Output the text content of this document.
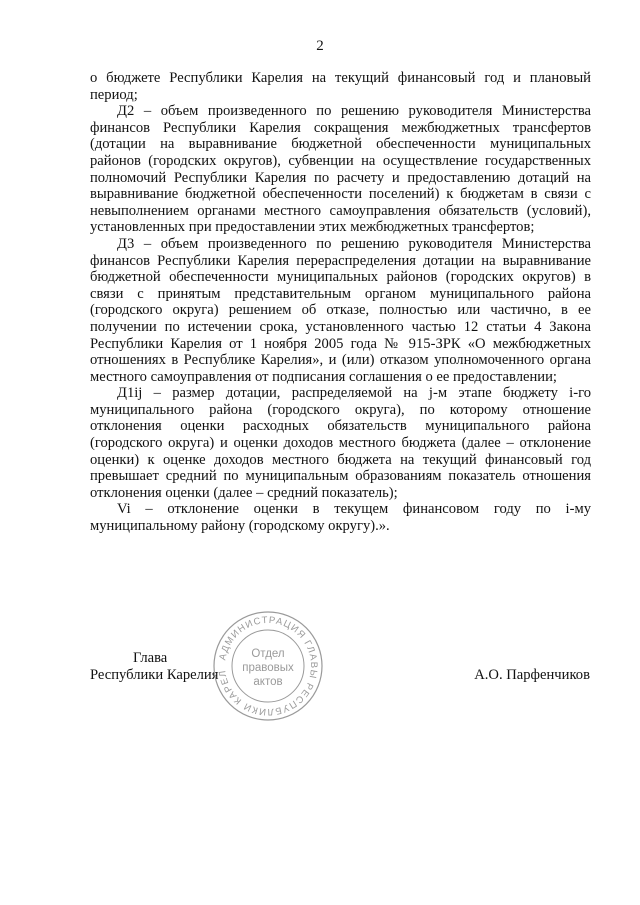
2

о бюджете Республики Карелия на текущий финансовый год и плановый период;

Д2 – объем произведенного по решению руководителя Министерства финансов Республики Карелия сокращения межбюджетных трансфертов (дотации на выравнивание бюджетной обеспеченности муниципальных районов (городских округов), субвенции на осуществление государственных полномочий Республики Карелия по расчету и предоставлению дотаций на выравнивание бюджетной обеспеченности поселений) к бюджетам в связи с невыполнением органами местного самоуправления обязательств (условий), установленных при предоставлении этих межбюджетных трансфертов;

Д3 – объем произведенного по решению руководителя Министерства финансов Республики Карелия перераспределения дотации на выравнивание бюджетной обеспеченности муниципальных районов (городских округов) в связи с принятым представительным органом муниципального района (городского округа) решением об отказе, полностью или частично, в ее получении по истечении срока, установленного частью 12 статьи 4 Закона Республики Карелия от 1 ноября 2005 года № 915-ЗРК «О межбюджетных отношениях в Республике Карелия», и (или) отказом уполномоченного органа местного самоуправления от подписания соглашения о ее предоставлении;

Д1ij – размер дотации, распределяемой на j-м этапе бюджету i-го муниципального района (городского округа), по которому отношение отклонения оценки расходных обязательств муниципального района (городского округа) и оценки доходов местного бюджета (далее – отклонение оценки) к оценке доходов местного бюджета на текущий финансовый год превышает средний по муниципальным образованиям показатель отношения отклонения оценки (далее – средний показатель);

Vi – отклонение оценки в текущем финансовом году по i-му муниципальному району (городскому округу).».

Глава
Республики Карелия	А.О. Парфенчиков
АДМИНИСТРАЦИЯ ГЛАВЫ РЕСПУБЛИКИ КАРЕЛ
Отдел
правовых
актов
